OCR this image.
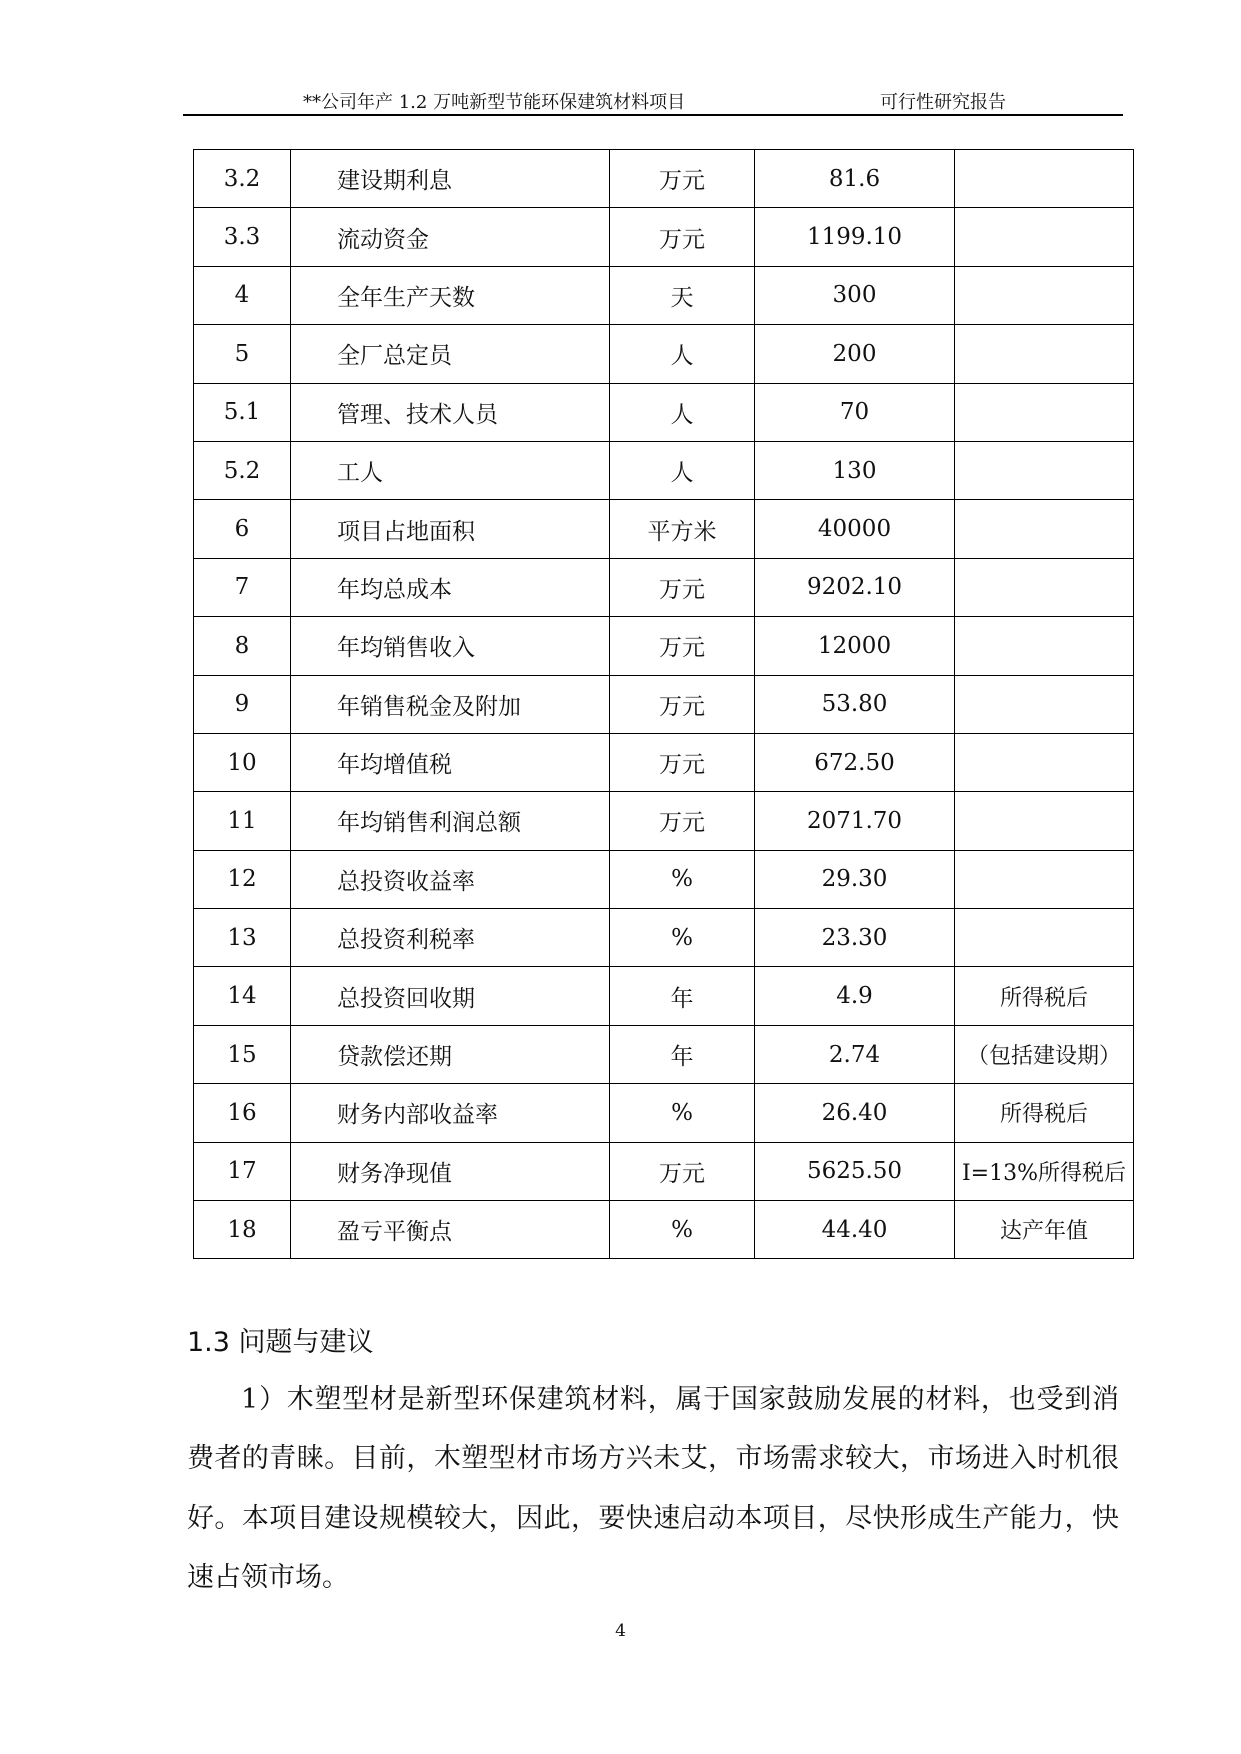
**公司年产 1.2 万吨新型节能环保建筑材料项目	可行性研究报告
3.2	建设期利息	万元	81.6	
3.3	流动资金	万元	1199.10	
4	全年生产天数	天	300	
5	全厂总定员	人	200	
5.1	管理、技术人员	人	70	
5.2	工人	人	130	
6	项目占地面积	平方米	40000	
7	年均总成本	万元	9202.10	
8	年均销售收入	万元	12000	
9	年销售税金及附加	万元	53.80	
10	年均增值税	万元	672.50	
11	年均销售利润总额	万元	2071.70	
12	总投资收益率	%	29.30	
13	总投资利税率	%	23.30	
14	总投资回收期	年	4.9	所得税后
15	贷款偿还期	年	2.74	（包括建设期）
16	财务内部收益率	%	26.40	所得税后
17	财务净现值	万元	5625.50	I=13%所得税后
18	盈亏平衡点	%	44.40	达产年值
1.3 问题与建议
1）木塑型材是新型环保建筑材料，属于国家鼓励发展的材料，也受到消费者的青睐。目前，木塑型材市场方兴未艾，市场需求较大，市场进入时机很好。本项目建设规模较大，因此，要快速启动本项目，尽快形成生产能力，快速占领市场。
4
